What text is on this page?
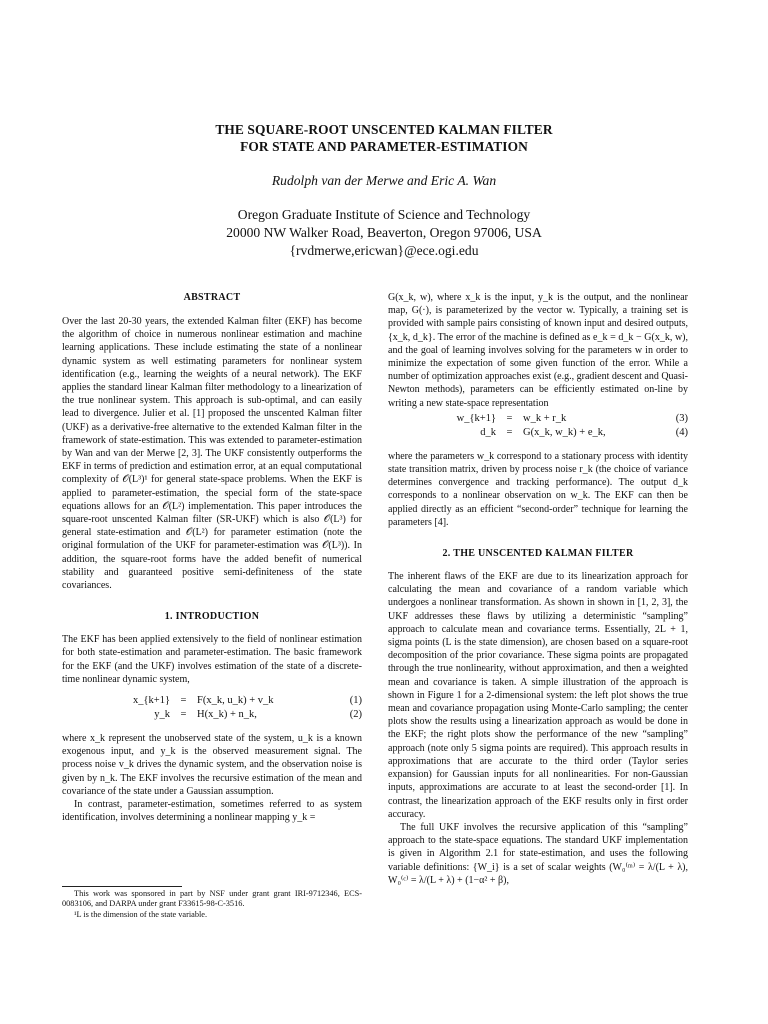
THE SQUARE-ROOT UNSCENTED KALMAN FILTER
FOR STATE AND PARAMETER-ESTIMATION
Rudolph van der Merwe and Eric A. Wan
Oregon Graduate Institute of Science and Technology
20000 NW Walker Road, Beaverton, Oregon 97006, USA
{rvdmerwe,ericwan}@ece.ogi.edu
ABSTRACT

Over the last 20-30 years, the extended Kalman filter (EKF) has become the algorithm of choice in numerous nonlinear estimation and machine learning applications. These include estimating the state of a nonlinear dynamic system as well estimating parameters for nonlinear system identification (e.g., learning the weights of a neural network). The EKF applies the standard linear Kalman filter methodology to a linearization of the true nonlinear system. This approach is sub-optimal, and can easily lead to divergence. Julier et al. [1] proposed the unscented Kalman filter (UKF) as a derivative-free alternative to the extended Kalman filter in the framework of state-estimation. This was extended to parameter-estimation by Wan and van der Merwe [2, 3]. The UKF consistently outperforms the EKF in terms of prediction and estimation error, at an equal computational complexity of 𝒪(L³)¹ for general state-space problems. When the EKF is applied to parameter-estimation, the special form of the state-space equations allows for an 𝒪(L²) implementation. This paper introduces the square-root unscented Kalman filter (SR-UKF) which is also 𝒪(L³) for general state-estimation and 𝒪(L²) for parameter estimation (note the original formulation of the UKF for parameter-estimation was 𝒪(L³)). In addition, the square-root forms have the added benefit of numerical stability and guaranteed positive semi-definiteness of the state covariances.

1. INTRODUCTION

The EKF has been applied extensively to the field of nonlinear estimation for both state-estimation and parameter-estimation. The basic framework for the EKF (and the UKF) involves estimation of the state of a discrete-time nonlinear dynamic system,

x_{k+1}	=	F(x_k, u_k) + v_k	(1)
y_k	=	H(x_k) + n_k,	(2)

where x_k represent the unobserved state of the system, u_k is a known exogenous input, and y_k is the observed measurement signal. The process noise v_k drives the dynamic system, and the observation noise is given by n_k. The EKF involves the recursive estimation of the mean and covariance of the state under a Gaussian assumption.

In contrast, parameter-estimation, sometimes referred to as system identification, involves determining a nonlinear mapping y_k =

This work was sponsored in part by NSF under grant grant IRI-9712346, ECS-0083106, and DARPA under grant F33615-98-C-3516.

¹L is the dimension of the state variable.

G(x_k, w), where x_k is the input, y_k is the output, and the nonlinear map, G(·), is parameterized by the vector w. Typically, a training set is provided with sample pairs consisting of known input and desired outputs, {x_k, d_k}. The error of the machine is defined as e_k = d_k − G(x_k, w), and the goal of learning involves solving for the parameters w in order to minimize the expectation of some given function of the error. While a number of optimization approaches exist (e.g., gradient descent and Quasi-Newton methods), parameters can be efficiently estimated on-line by writing a new state-space representation

w_{k+1}	=	w_k + r_k	(3)
d_k	=	G(x_k, w_k) + e_k,	(4)

where the parameters w_k correspond to a stationary process with identity state transition matrix, driven by process noise r_k (the choice of variance determines convergence and tracking performance). The output d_k corresponds to a nonlinear observation on w_k. The EKF can then be applied directly as an efficient “second-order” technique for learning the parameters [4].

2. THE UNSCENTED KALMAN FILTER

The inherent flaws of the EKF are due to its linearization approach for calculating the mean and covariance of a random variable which undergoes a nonlinear transformation. As shown in shown in [1, 2, 3], the UKF addresses these flaws by utilizing a deterministic “sampling” approach to calculate mean and covariance terms. Essentially, 2L + 1, sigma points (L is the state dimension), are chosen based on a square-root decomposition of the prior covariance. These sigma points are propagated through the true nonlinearity, without approximation, and then a weighted mean and covariance is taken. A simple illustration of the approach is shown in Figure 1 for a 2-dimensional system: the left plot shows the true mean and covariance propagation using Monte-Carlo sampling; the center plots show the results using a linearization approach as would be done in the EKF; the right plots show the performance of the new “sampling” approach (note only 5 sigma points are required). This approach results in approximations that are accurate to the third order (Taylor series expansion) for Gaussian inputs for all nonlinearities. For non-Gaussian inputs, approximations are accurate to at least the second-order [1]. In contrast, the linearization approach of the EKF results only in first order accuracy.

The full UKF involves the recursive application of this “sampling” approach to the state-space equations. The standard UKF implementation is given in Algorithm 2.1 for state-estimation, and uses the following variable definitions: {W_i} is a set of scalar weights (W₀⁽ᵐ⁾ = λ/(L + λ), W₀⁽ᶜ⁾ = λ/(L + λ) + (1−α² + β),
